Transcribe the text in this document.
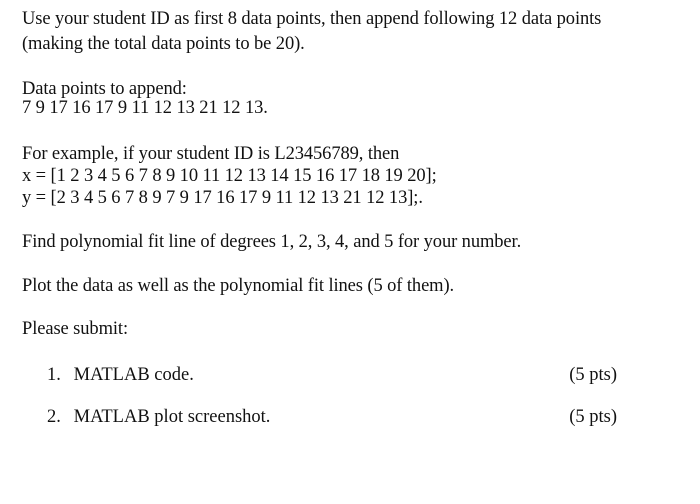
Use your student ID as first 8 data points, then append following 12 data points
(making the total data points to be 20).
Data points to append:
7 9 17 16 17 9 11 12 13 21 12 13.
For example, if your student ID is L23456789, then
x = [1 2 3 4 5 6 7 8 9 10 11 12 13 14 15 16 17 18 19 20];
y = [2 3 4 5 6 7 8 9 7 9 17 16 17 9 11 12 13 21 12 13];.
Find polynomial fit line of degrees 1, 2, 3, 4, and 5 for your number.
Plot the data as well as the polynomial fit lines (5 of them).
Please submit:
1. MATLAB code.	(5 pts)
2. MATLAB plot screenshot.	(5 pts)
